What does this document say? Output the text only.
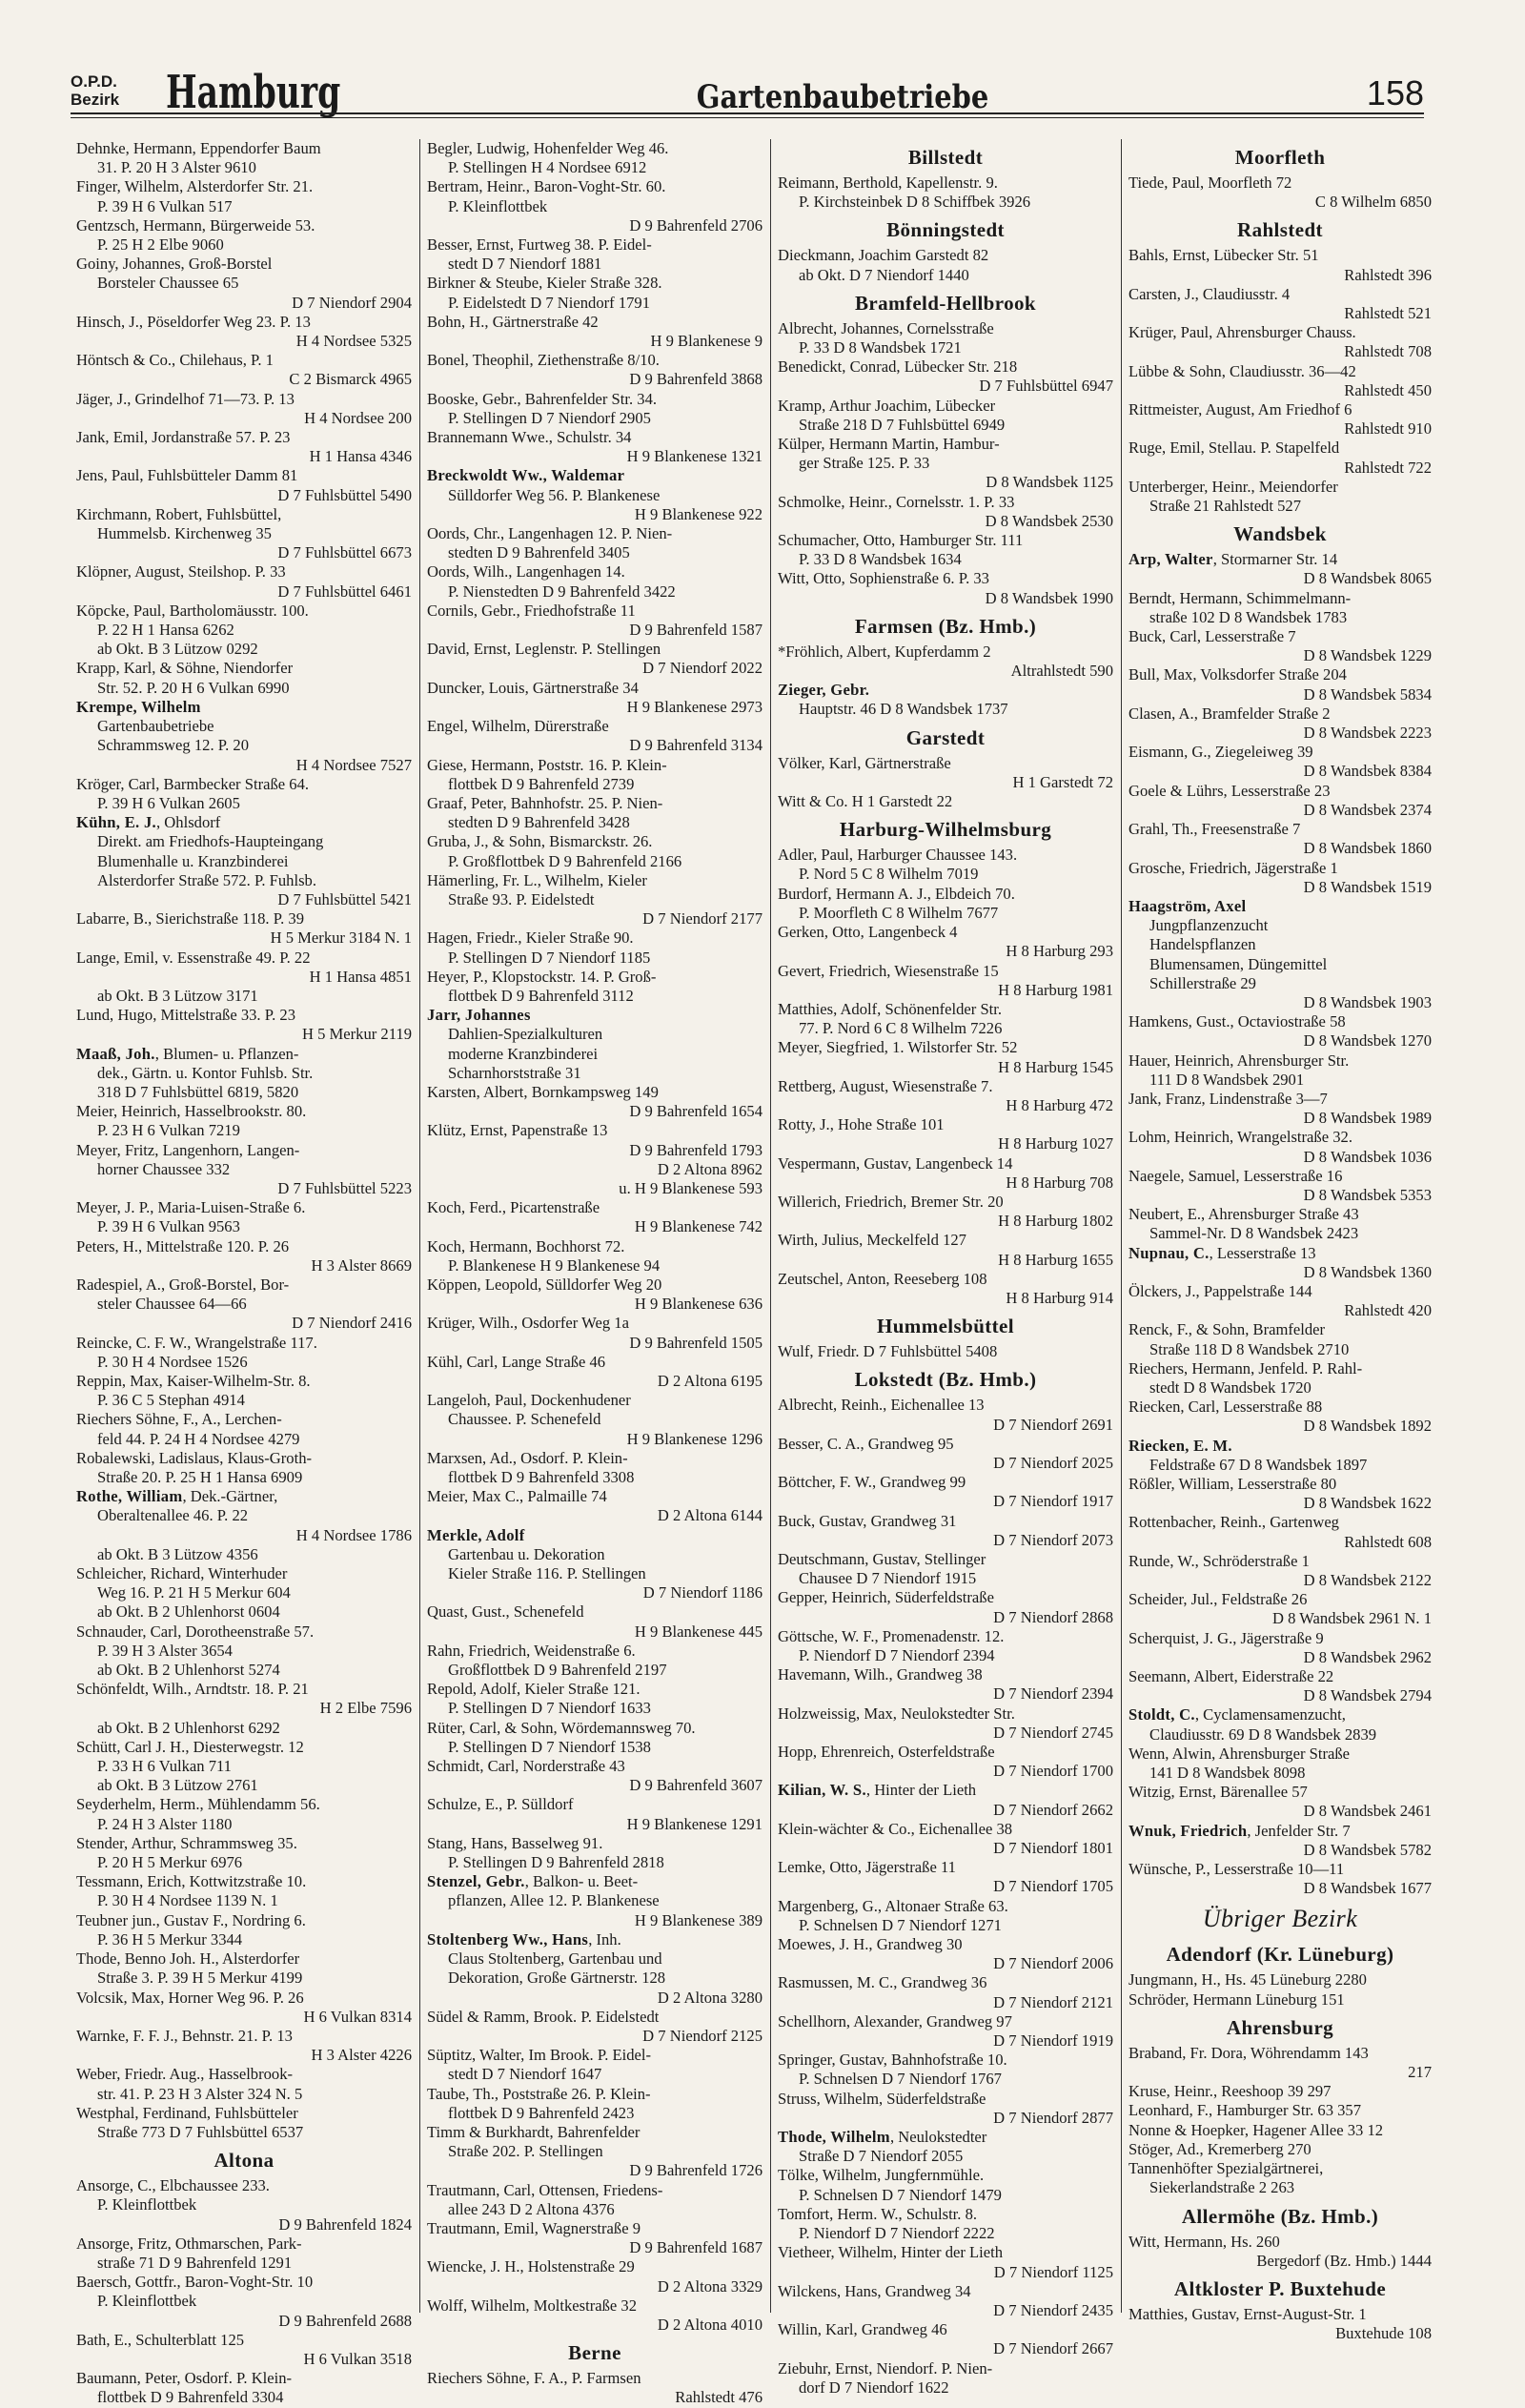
O.P.D.
Bezirk	Hamburg	Gartenbaubetriebe	158
Dehnke, Hermann, Eppendorfer Baum
31. P. 20 H 3 Alster 9610
Finger, Wilhelm, Alsterdorfer Str. 21.
P. 39 H 6 Vulkan 517
Gentzsch, Hermann, Bürgerweide 53.
P. 25 H 2 Elbe 9060
Goiny, Johannes, Groß-Borstel
Borsteler Chaussee 65
D 7 Niendorf 2904
Hinsch, J., Pöseldorfer Weg 23. P. 13
H 4 Nordsee 5325
Höntsch & Co., Chilehaus, P. 1
C 2 Bismarck 4965
Jäger, J., Grindelhof 71—73. P. 13
H 4 Nordsee 200
Jank, Emil, Jordanstraße 57. P. 23
H 1 Hansa 4346
Jens, Paul, Fuhlsbütteler Damm 81
D 7 Fuhlsbüttel 5490
Kirchmann, Robert, Fuhlsbüttel,
Hummelsb. Kirchenweg 35
D 7 Fuhlsbüttel 6673
Klöpner, August, Steilshop. P. 33
D 7 Fuhlsbüttel 6461
Köpcke, Paul, Bartholomäusstr. 100.
P. 22 H 1 Hansa 6262
ab Okt. B 3 Lützow 0292
Krapp, Karl, & Söhne, Niendorfer
Str. 52. P. 20 H 6 Vulkan 6990
Krempe, Wilhelm
Gartenbaubetriebe
Schrammsweg 12. P. 20
H 4 Nordsee 7527
Kröger, Carl, Barmbecker Straße 64.
P. 39 H 6 Vulkan 2605
Kühn, E. J., Ohlsdorf
Direkt. am Friedhofs-Haupteingang
Blumenhalle u. Kranzbinderei
Alsterdorfer Straße 572. P. Fuhlsb.
D 7 Fuhlsbüttel 5421
Labarre, B., Sierichstraße 118. P. 39
H 5 Merkur 3184 N. 1
Lange, Emil, v. Essenstraße 49. P. 22
H 1 Hansa 4851
ab Okt. B 3 Lützow 3171
Lund, Hugo, Mittelstraße 33. P. 23
H 5 Merkur 2119
Maaß, Joh., Blumen- u. Pflanzen-
dek., Gärtn. u. Kontor Fuhlsb. Str.
318 D 7 Fuhlsbüttel 6819, 5820
Meier, Heinrich, Hasselbrookstr. 80.
P. 23 H 6 Vulkan 7219
Meyer, Fritz, Langenhorn, Langen-
horner Chaussee 332
D 7 Fuhlsbüttel 5223
Meyer, J. P., Maria-Luisen-Straße 6.
P. 39 H 6 Vulkan 9563
Peters, H., Mittelstraße 120. P. 26
H 3 Alster 8669
Radespiel, A., Groß-Borstel, Bor-
steler Chaussee 64—66
D 7 Niendorf 2416
Reincke, C. F. W., Wrangelstraße 117.
P. 30 H 4 Nordsee 1526
Reppin, Max, Kaiser-Wilhelm-Str. 8.
P. 36 C 5 Stephan 4914
Riechers Söhne, F., A., Lerchen-
feld 44. P. 24 H 4 Nordsee 4279
Robalewski, Ladislaus, Klaus-Groth-
Straße 20. P. 25 H 1 Hansa 6909
Rothe, William, Dek.-Gärtner,
Oberaltenallee 46. P. 22
H 4 Nordsee 1786
ab Okt. B 3 Lützow 4356
Schleicher, Richard, Winterhuder
Weg 16. P. 21 H 5 Merkur 604
ab Okt. B 2 Uhlenhorst 0604
Schnauder, Carl, Dorotheenstraße 57.
P. 39 H 3 Alster 3654
ab Okt. B 2 Uhlenhorst 5274
Schönfeldt, Wilh., Arndtstr. 18. P. 21
H 2 Elbe 7596
ab Okt. B 2 Uhlenhorst 6292
Schütt, Carl J. H., Diesterwegstr. 12
P. 33 H 6 Vulkan 711
ab Okt. B 3 Lützow 2761
Seyderhelm, Herm., Mühlendamm 56.
P. 24 H 3 Alster 1180
Stender, Arthur, Schrammsweg 35.
P. 20 H 5 Merkur 6976
Tessmann, Erich, Kottwitzstraße 10.
P. 30 H 4 Nordsee 1139 N. 1
Teubner jun., Gustav F., Nordring 6.
P. 36 H 5 Merkur 3344
Thode, Benno Joh. H., Alsterdorfer
Straße 3. P. 39 H 5 Merkur 4199
Volcsik, Max, Horner Weg 96. P. 26
H 6 Vulkan 8314
Warnke, F. F. J., Behnstr. 21. P. 13
H 3 Alster 4226
Weber, Friedr. Aug., Hasselbrook-
str. 41. P. 23 H 3 Alster 324 N. 5
Westphal, Ferdinand, Fuhlsbütteler
Straße 773 D 7 Fuhlsbüttel 6537
Altona
Ansorge, C., Elbchaussee 233.
P. Kleinflottbek
D 9 Bahrenfeld 1824
Ansorge, Fritz, Othmarschen, Park-
straße 71 D 9 Bahrenfeld 1291
Baersch, Gottfr., Baron-Voght-Str. 10
P. Kleinflottbek
D 9 Bahrenfeld 2688
Bath, E., Schulterblatt 125
H 6 Vulkan 3518
Baumann, Peter, Osdorf. P. Klein-
flottbek D 9 Bahrenfeld 3304
Begler, Ludwig, Hohenfelder Weg 46.
P. Stellingen H 4 Nordsee 6912
Bertram, Heinr., Baron-Voght-Str. 60.
P. Kleinflottbek
D 9 Bahrenfeld 2706
Besser, Ernst, Furtweg 38. P. Eidel-
stedt D 7 Niendorf 1881
Birkner & Steube, Kieler Straße 328.
P. Eidelstedt D 7 Niendorf 1791
Bohn, H., Gärtnerstraße 42
H 9 Blankenese 9
Bonel, Theophil, Ziethenstraße 8/10.
D 9 Bahrenfeld 3868
Booske, Gebr., Bahrenfelder Str. 34.
P. Stellingen D 7 Niendorf 2905
Brannemann Wwe., Schulstr. 34
H 9 Blankenese 1321
Breckwoldt Ww., Waldemar
Sülldorfer Weg 56. P. Blankenese
H 9 Blankenese 922
Oords, Chr., Langenhagen 12. P. Nien-
stedten D 9 Bahrenfeld 3405
Oords, Wilh., Langenhagen 14.
P. Nienstedten D 9 Bahrenfeld 3422
Cornils, Gebr., Friedhofstraße 11
D 9 Bahrenfeld 1587
David, Ernst, Leglenstr. P. Stellingen
D 7 Niendorf 2022
Duncker, Louis, Gärtnerstraße 34
H 9 Blankenese 2973
Engel, Wilhelm, Dürerstraße
D 9 Bahrenfeld 3134
Giese, Hermann, Poststr. 16. P. Klein-
flottbek D 9 Bahrenfeld 2739
Graaf, Peter, Bahnhofstr. 25. P. Nien-
stedten D 9 Bahrenfeld 3428
Gruba, J., & Sohn, Bismarckstr. 26.
P. Großflottbek D 9 Bahrenfeld 2166
Hämerling, Fr. L., Wilhelm, Kieler
Straße 93. P. Eidelstedt
D 7 Niendorf 2177
Hagen, Friedr., Kieler Straße 90.
P. Stellingen D 7 Niendorf 1185
Heyer, P., Klopstockstr. 14. P. Groß-
flottbek D 9 Bahrenfeld 3112
Jarr, Johannes
Dahlien-Spezialkulturen
moderne Kranzbinderei
Scharnhorststraße 31
Karsten, Albert, Bornkampsweg 149
D 9 Bahrenfeld 1654
Klütz, Ernst, Papenstraße 13
D 9 Bahrenfeld 1793
D 2 Altona 8962
u. H 9 Blankenese 593
Koch, Ferd., Picartenstraße
H 9 Blankenese 742
Koch, Hermann, Bochhorst 72.
P. Blankenese H 9 Blankenese 94
Köppen, Leopold, Sülldorfer Weg 20
H 9 Blankenese 636
Krüger, Wilh., Osdorfer Weg 1a
D 9 Bahrenfeld 1505
Kühl, Carl, Lange Straße 46
D 2 Altona 6195
Langeloh, Paul, Dockenhudener
Chaussee. P. Schenefeld
H 9 Blankenese 1296
Marxsen, Ad., Osdorf. P. Klein-
flottbek D 9 Bahrenfeld 3308
Meier, Max C., Palmaille 74
D 2 Altona 6144
Merkle, Adolf
Gartenbau u. Dekoration
Kieler Straße 116. P. Stellingen
D 7 Niendorf 1186
Quast, Gust., Schenefeld
H 9 Blankenese 445
Rahn, Friedrich, Weidenstraße 6.
Großflottbek D 9 Bahrenfeld 2197
Repold, Adolf, Kieler Straße 121.
P. Stellingen D 7 Niendorf 1633
Rüter, Carl, & Sohn, Wördemannsweg 70.
P. Stellingen D 7 Niendorf 1538
Schmidt, Carl, Norderstraße 43
D 9 Bahrenfeld 3607
Schulze, E., P. Sülldorf
H 9 Blankenese 1291
Stang, Hans, Basselweg 91.
P. Stellingen D 9 Bahrenfeld 2818
Stenzel, Gebr., Balkon- u. Beet-
pflanzen, Allee 12. P. Blankenese
H 9 Blankenese 389
Stoltenberg Ww., Hans, Inh.
Claus Stoltenberg, Gartenbau und
Dekoration, Große Gärtnerstr. 128
D 2 Altona 3280
Südel & Ramm, Brook. P. Eidelstedt
D 7 Niendorf 2125
Süptitz, Walter, Im Brook. P. Eidel-
stedt D 7 Niendorf 1647
Taube, Th., Poststraße 26. P. Klein-
flottbek D 9 Bahrenfeld 2423
Timm & Burkhardt, Bahrenfelder
Straße 202. P. Stellingen
D 9 Bahrenfeld 1726
Trautmann, Carl, Ottensen, Friedens-
allee 243 D 2 Altona 4376
Trautmann, Emil, Wagnerstraße 9
D 9 Bahrenfeld 1687
Wiencke, J. H., Holstenstraße 29
D 2 Altona 3329
Wolff, Wilhelm, Moltkestraße 32
D 2 Altona 4010
Berne
Riechers Söhne, F. A., P. Farmsen
Rahlstedt 476
Billstedt
Reimann, Berthold, Kapellenstr. 9.
P. Kirchsteinbek D 8 Schiffbek 3926
Bönningstedt
Dieckmann, Joachim Garstedt 82
ab Okt. D 7 Niendorf 1440
Bramfeld-Hellbrook
Albrecht, Johannes, Cornelsstraße
P. 33 D 8 Wandsbek 1721
Benedickt, Conrad, Lübecker Str. 218
D 7 Fuhlsbüttel 6947
Kramp, Arthur Joachim, Lübecker
Straße 218 D 7 Fuhlsbüttel 6949
Külper, Hermann Martin, Hambur-
ger Straße 125. P. 33
D 8 Wandsbek 1125
Schmolke, Heinr., Cornelsstr. 1. P. 33
D 8 Wandsbek 2530
Schumacher, Otto, Hamburger Str. 111
P. 33 D 8 Wandsbek 1634
Witt, Otto, Sophienstraße 6. P. 33
D 8 Wandsbek 1990
Farmsen (Bz. Hmb.)
*Fröhlich, Albert, Kupferdamm 2
Altrahlstedt 590
Zieger, Gebr.
Hauptstr. 46 D 8 Wandsbek 1737
Garstedt
Völker, Karl, Gärtnerstraße
H 1 Garstedt 72
Witt & Co. H 1 Garstedt 22
Harburg-Wilhelmsburg
Adler, Paul, Harburger Chaussee 143.
P. Nord 5 C 8 Wilhelm 7019
Burdorf, Hermann A. J., Elbdeich 70.
P. Moorfleth C 8 Wilhelm 7677
Gerken, Otto, Langenbeck 4
H 8 Harburg 293
Gevert, Friedrich, Wiesenstraße 15
H 8 Harburg 1981
Matthies, Adolf, Schönenfelder Str.
77. P. Nord 6 C 8 Wilhelm 7226
Meyer, Siegfried, 1. Wilstorfer Str. 52
H 8 Harburg 1545
Rettberg, August, Wiesenstraße 7.
H 8 Harburg 472
Rotty, J., Hohe Straße 101
H 8 Harburg 1027
Vespermann, Gustav, Langenbeck 14
H 8 Harburg 708
Willerich, Friedrich, Bremer Str. 20
H 8 Harburg 1802
Wirth, Julius, Meckelfeld 127
H 8 Harburg 1655
Zeutschel, Anton, Reeseberg 108
H 8 Harburg 914
Hummelsbüttel
Wulf, Friedr. D 7 Fuhlsbüttel 5408
Lokstedt (Bz. Hmb.)
Albrecht, Reinh., Eichenallee 13
D 7 Niendorf 2691
Besser, C. A., Grandweg 95
D 7 Niendorf 2025
Böttcher, F. W., Grandweg 99
D 7 Niendorf 1917
Buck, Gustav, Grandweg 31
D 7 Niendorf 2073
Deutschmann, Gustav, Stellinger
Chausee D 7 Niendorf 1915
Gepper, Heinrich, Süderfeldstraße
D 7 Niendorf 2868
Göttsche, W. F., Promenadenstr. 12.
P. Niendorf D 7 Niendorf 2394
Havemann, Wilh., Grandweg 38
D 7 Niendorf 2394
Holzweissig, Max, Neulokstedter Str.
D 7 Niendorf 2745
Hopp, Ehrenreich, Osterfeldstraße
D 7 Niendorf 1700
Kilian, W. S., Hinter der Lieth
D 7 Niendorf 2662
Klein-wächter & Co., Eichenallee 38
D 7 Niendorf 1801
Lemke, Otto, Jägerstraße 11
D 7 Niendorf 1705
Margenberg, G., Altonaer Straße 63.
P. Schnelsen D 7 Niendorf 1271
Moewes, J. H., Grandweg 30
D 7 Niendorf 2006
Rasmussen, M. C., Grandweg 36
D 7 Niendorf 2121
Schellhorn, Alexander, Grandweg 97
D 7 Niendorf 1919
Springer, Gustav, Bahnhofstraße 10.
P. Schnelsen D 7 Niendorf 1767
Struss, Wilhelm, Süderfeldstraße
D 7 Niendorf 2877
Thode, Wilhelm, Neulokstedter
Straße D 7 Niendorf 2055
Tölke, Wilhelm, Jungfernmühle.
P. Schnelsen D 7 Niendorf 1479
Tomfort, Herm. W., Schulstr. 8.
P. Niendorf D 7 Niendorf 2222
Vietheer, Wilhelm, Hinter der Lieth
D 7 Niendorf 1125
Wilckens, Hans, Grandweg 34
D 7 Niendorf 2435
Willin, Karl, Grandweg 46
D 7 Niendorf 2667
Ziebuhr, Ernst, Niendorf. P. Nien-
dorf D 7 Niendorf 1622
Moorfleth
Tiede, Paul, Moorfleth 72
C 8 Wilhelm 6850
Rahlstedt
Bahls, Ernst, Lübecker Str. 51
Rahlstedt 396
Carsten, J., Claudiusstr. 4
Rahlstedt 521
Krüger, Paul, Ahrensburger Chauss.
Rahlstedt 708
Lübbe & Sohn, Claudiusstr. 36—42
Rahlstedt 450
Rittmeister, August, Am Friedhof 6
Rahlstedt 910
Ruge, Emil, Stellau. P. Stapelfeld
Rahlstedt 722
Unterberger, Heinr., Meiendorfer
Straße 21 Rahlstedt 527
Wandsbek
Arp, Walter, Stormarner Str. 14
D 8 Wandsbek 8065
Berndt, Hermann, Schimmelmann-
straße 102 D 8 Wandsbek 1783
Buck, Carl, Lesserstraße 7
D 8 Wandsbek 1229
Bull, Max, Volksdorfer Straße 204
D 8 Wandsbek 5834
Clasen, A., Bramfelder Straße 2
D 8 Wandsbek 2223
Eismann, G., Ziegeleiweg 39
D 8 Wandsbek 8384
Goele & Lührs, Lesserstraße 23
D 8 Wandsbek 2374
Grahl, Th., Freesenstraße 7
D 8 Wandsbek 1860
Grosche, Friedrich, Jägerstraße 1
D 8 Wandsbek 1519
Haagström, Axel
Jungpflanzenzucht
Handelspflanzen
Blumensamen, Düngemittel
Schillerstraße 29
D 8 Wandsbek 1903
Hamkens, Gust., Octaviostraße 58
D 8 Wandsbek 1270
Hauer, Heinrich, Ahrensburger Str.
111 D 8 Wandsbek 2901
Jank, Franz, Lindenstraße 3—7
D 8 Wandsbek 1989
Lohm, Heinrich, Wrangelstraße 32.
D 8 Wandsbek 1036
Naegele, Samuel, Lesserstraße 16
D 8 Wandsbek 5353
Neubert, E., Ahrensburger Straße 43
Sammel-Nr. D 8 Wandsbek 2423
Nupnau, C., Lesserstraße 13
D 8 Wandsbek 1360
Ölckers, J., Pappelstraße 144
Rahlstedt 420
Renck, F., & Sohn, Bramfelder
Straße 118 D 8 Wandsbek 2710
Riechers, Hermann, Jenfeld. P. Rahl-
stedt D 8 Wandsbek 1720
Riecken, Carl, Lesserstraße 88
D 8 Wandsbek 1892
Riecken, E. M.
Feldstraße 67 D 8 Wandsbek 1897
Rößler, William, Lesserstraße 80
D 8 Wandsbek 1622
Rottenbacher, Reinh., Gartenweg
Rahlstedt 608
Runde, W., Schröderstraße 1
D 8 Wandsbek 2122
Scheider, Jul., Feldstraße 26
D 8 Wandsbek 2961 N. 1
Scherquist, J. G., Jägerstraße 9
D 8 Wandsbek 2962
Seemann, Albert, Eiderstraße 22
D 8 Wandsbek 2794
Stoldt, C., Cyclamensamenzucht,
Claudiusstr. 69 D 8 Wandsbek 2839
Wenn, Alwin, Ahrensburger Straße
141 D 8 Wandsbek 8098
Witzig, Ernst, Bärenallee 57
D 8 Wandsbek 2461
Wnuk, Friedrich, Jenfelder Str. 7
D 8 Wandsbek 5782
Wünsche, P., Lesserstraße 10—11
D 8 Wandsbek 1677
Übriger Bezirk
Adendorf (Kr. Lüneburg)
Jungmann, H., Hs. 45 Lüneburg 2280
Schröder, Hermann Lüneburg 151
Ahrensburg
Braband, Fr. Dora, Wöhrendamm 143
217
Kruse, Heinr., Reeshoop 39 297
Leonhard, F., Hamburger Str. 63 357
Nonne & Hoepker, Hagener Allee 33 12
Stöger, Ad., Kremerberg 270
Tannenhöfter Spezialgärtnerei,
Siekerlandstraße 2 263
Allermöhe (Bz. Hmb.)
Witt, Hermann, Hs. 260
Bergedorf (Bz. Hmb.) 1444
Altkloster P. Buxtehude
Matthies, Gustav, Ernst-August-Str. 1
Buxtehude 108
